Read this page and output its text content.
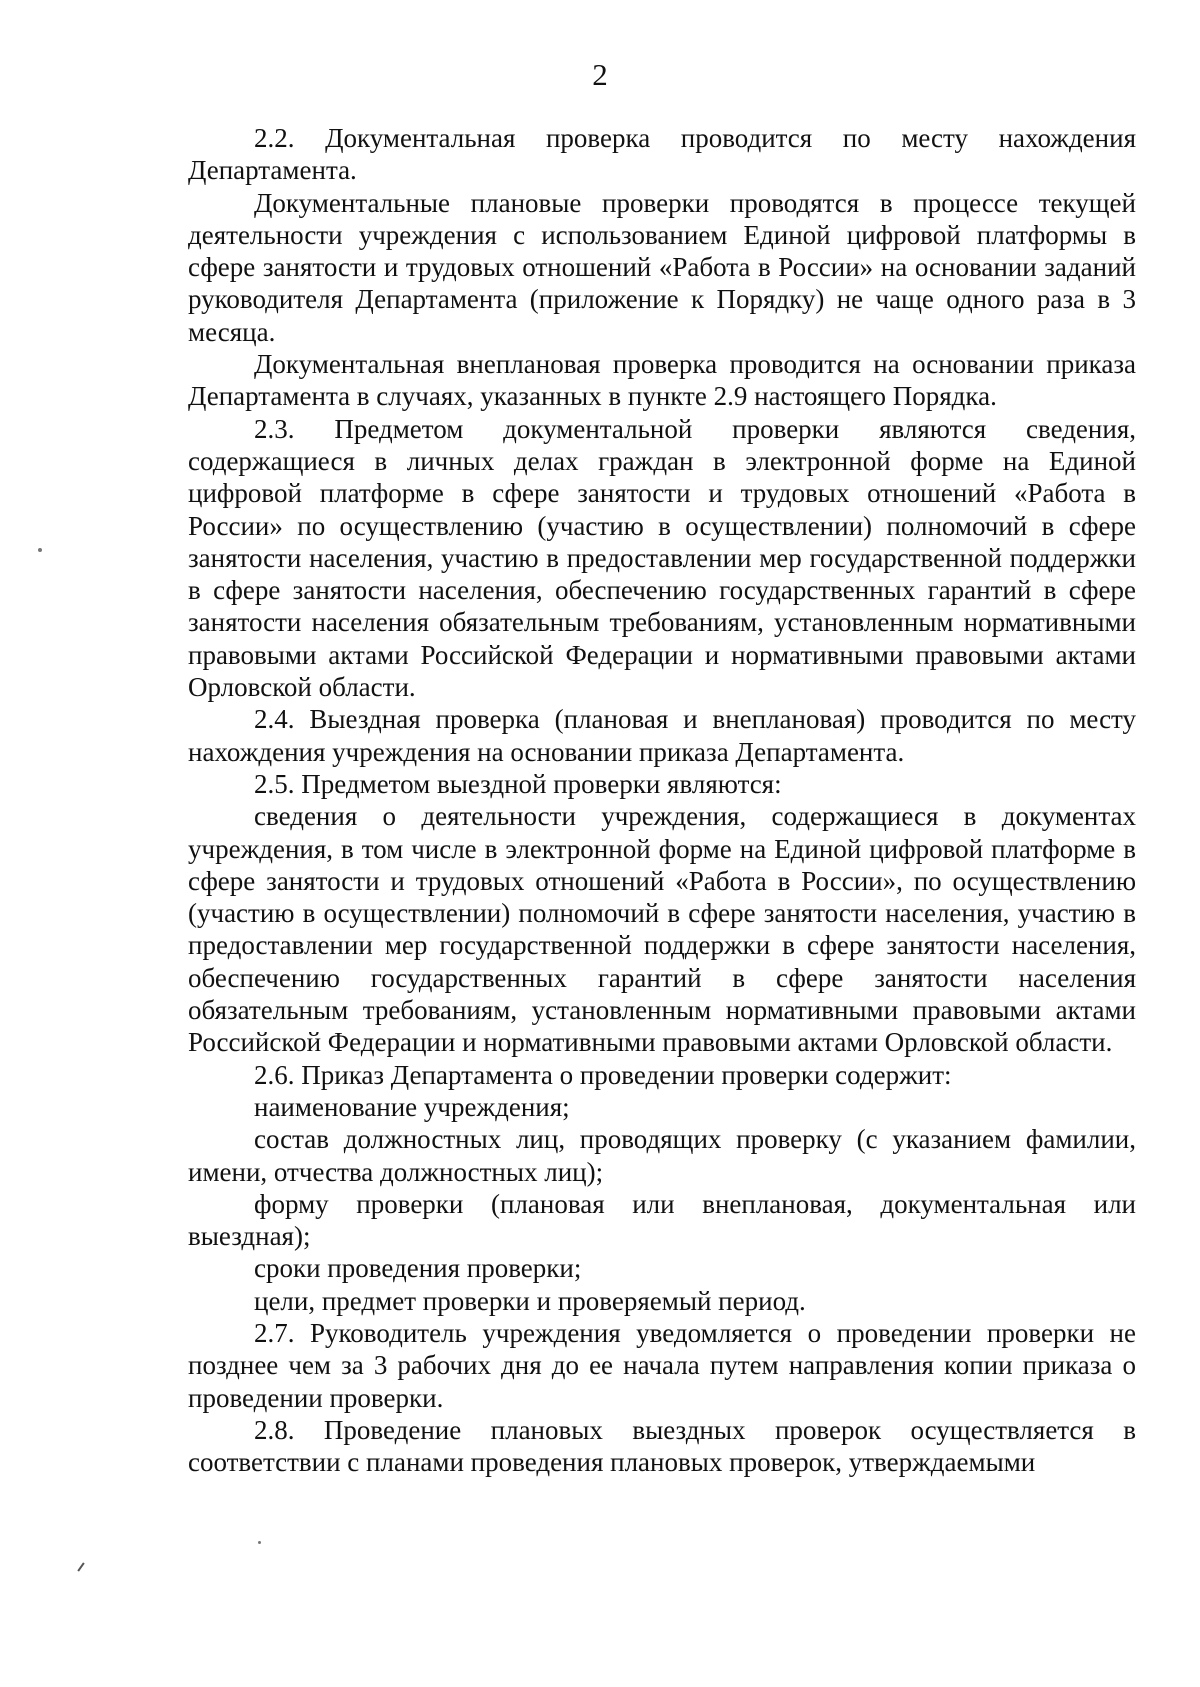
2

2.2. Документальная проверка проводится по месту нахождения Департамента.

Документальные плановые проверки проводятся в процессе текущей деятельности учреждения с использованием Единой цифровой платформы в сфере занятости и трудовых отношений «Работа в России» на основании заданий руководителя Департамента (приложение к Порядку) не чаще одного раза в 3 месяца.

Документальная внеплановая проверка проводится на основании приказа Департамента в случаях, указанных в пункте 2.9 настоящего Порядка.

2.3. Предметом документальной проверки являются сведения, содержащиеся в личных делах граждан в электронной форме на Единой цифровой платформе в сфере занятости и трудовых отношений «Работа в России» по осуществлению (участию в осуществлении) полномочий в сфере занятости населения, участию в предоставлении мер государственной поддержки в сфере занятости населения, обеспечению государственных гарантий в сфере занятости населения обязательным требованиям, установленным нормативными правовыми актами Российской Федерации и нормативными правовыми актами Орловской области.

2.4. Выездная проверка (плановая и внеплановая) проводится по месту нахождения учреждения на основании приказа Департамента.

2.5. Предметом выездной проверки являются:

сведения о деятельности учреждения, содержащиеся в документах учреждения, в том числе в электронной форме на Единой цифровой платформе в сфере занятости и трудовых отношений «Работа в России», по осуществлению (участию в осуществлении) полномочий в сфере занятости населения, участию в предоставлении мер государственной поддержки в сфере занятости населения, обеспечению государственных гарантий в сфере занятости населения обязательным требованиям, установленным нормативными правовыми актами Российской Федерации и нормативными правовыми актами Орловской области.

2.6. Приказ Департамента о проведении проверки содержит:

наименование учреждения;

состав должностных лиц, проводящих проверку (с указанием фамилии, имени, отчества должностных лиц);

форму проверки (плановая или внеплановая, документальная или выездная);

сроки проведения проверки;

цели, предмет проверки и проверяемый период.

2.7. Руководитель учреждения уведомляется о проведении проверки не позднее чем за 3 рабочих дня до ее начала путем направления копии приказа о проведении проверки.

2.8. Проведение плановых выездных проверок осуществляется в соответствии с планами проведения плановых проверок, утверждаемыми
